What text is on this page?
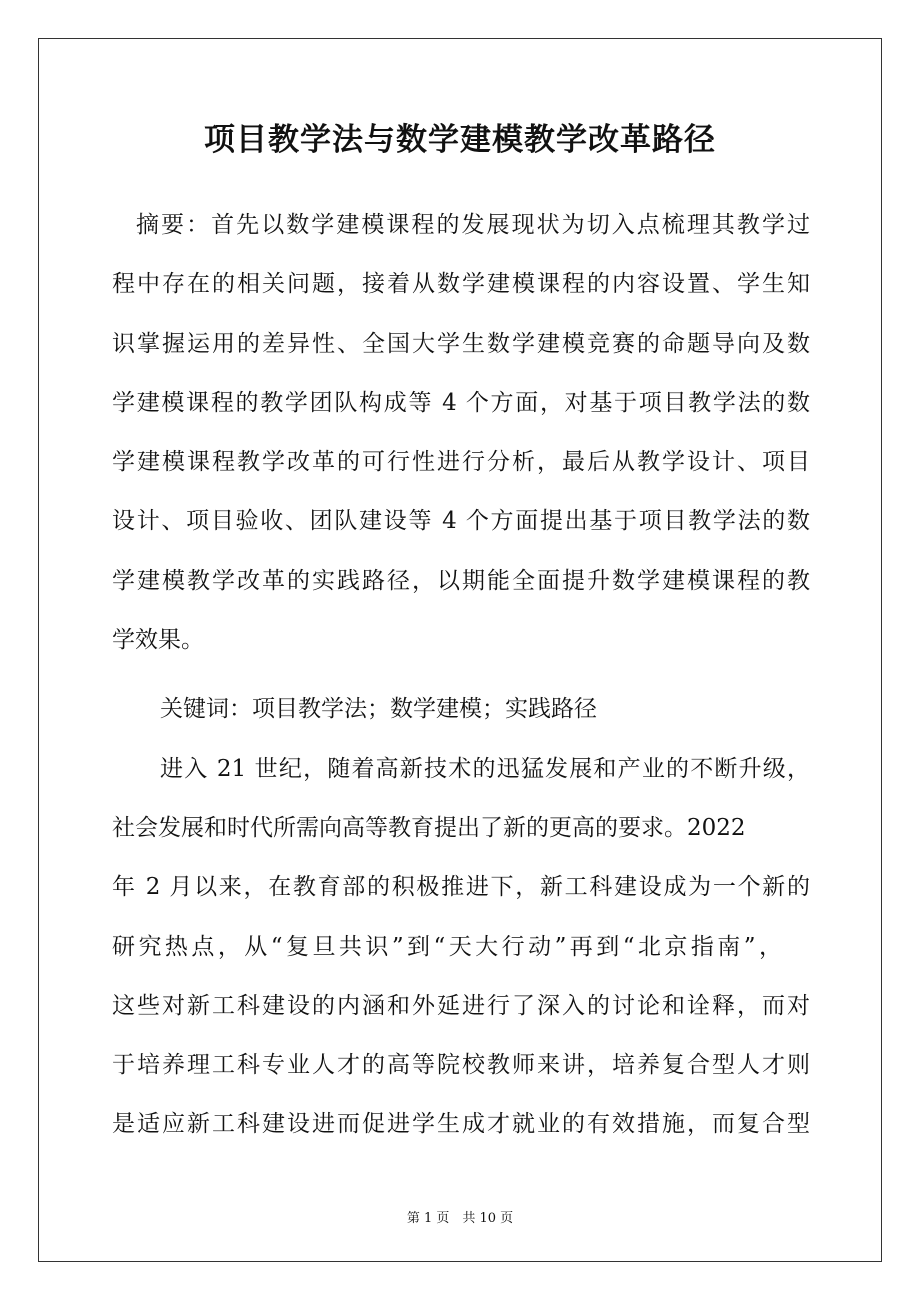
项目教学法与数学建模教学改革路径
摘要：首先以数学建模课程的发展现状为切入点梳理其教学过
程中存在的相关问题，接着从数学建模课程的内容设置、学生知
识掌握运用的差异性、全国大学生数学建模竞赛的命题导向及数
学建模课程的教学团队构成等 4 个方面，对基于项目教学法的数
学建模课程教学改革的可行性进行分析，最后从教学设计、项目
设计、项目验收、团队建设等 4 个方面提出基于项目教学法的数
学建模教学改革的实践路径，以期能全面提升数学建模课程的教
学效果。
关键词：项目教学法；数学建模；实践路径
进入 21 世纪，随着高新技术的迅猛发展和产业的不断升级，
社会发展和时代所需向高等教育提出了新的更高的要求。2022
年 2 月以来，在教育部的积极推进下，新工科建设成为一个新的
研究热点，从“复旦共识”到“天大行动”再到“北京指南”，
这些对新工科建设的内涵和外延进行了深入的讨论和诠释，而对
于培养理工科专业人才的高等院校教师来讲，培养复合型人才则
是适应新工科建设进而促进学生成才就业的有效措施，而复合型
第 1 页　共 10 页
